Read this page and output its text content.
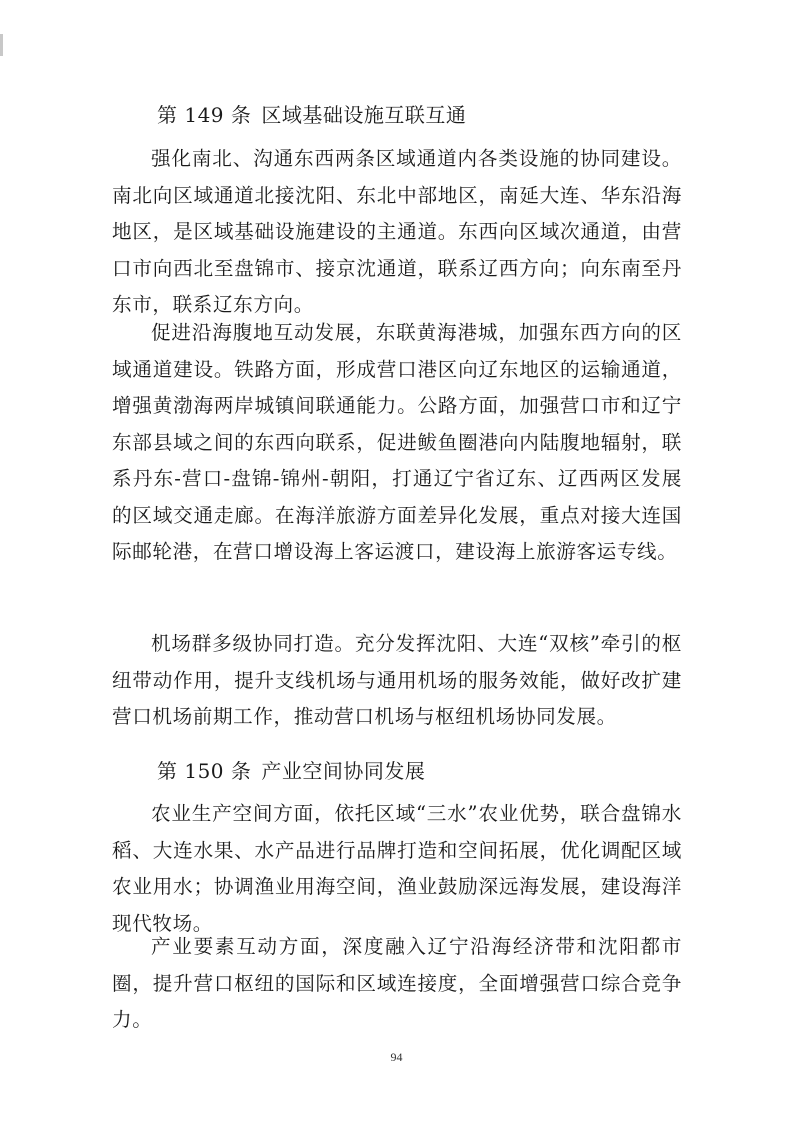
第 149 条 区域基础设施互联互通

强化南北、沟通东西两条区域通道内各类设施的协同建设。南北向区域通道北接沈阳、东北中部地区，南延大连、华东沿海地区，是区域基础设施建设的主通道。东西向区域次通道，由营口市向西北至盘锦市、接京沈通道，联系辽西方向；向东南至丹东市，联系辽东方向。

促进沿海腹地互动发展，东联黄海港城，加强东西方向的区域通道建设。铁路方面，形成营口港区向辽东地区的运输通道，增强黄渤海两岸城镇间联通能力。公路方面，加强营口市和辽宁东部县域之间的东西向联系，促进鲅鱼圈港向内陆腹地辐射，联系丹东-营口-盘锦-锦州-朝阳，打通辽宁省辽东、辽西两区发展的区域交通走廊。在海洋旅游方面差异化发展，重点对接大连国际邮轮港，在营口增设海上客运渡口，建设海上旅游客运专线。

机场群多级协同打造。充分发挥沈阳、大连“双核”牵引的枢纽带动作用，提升支线机场与通用机场的服务效能，做好改扩建营口机场前期工作，推动营口机场与枢纽机场协同发展。

第 150 条 产业空间协同发展

农业生产空间方面，依托区域“三水”农业优势，联合盘锦水稻、大连水果、水产品进行品牌打造和空间拓展，优化调配区域农业用水；协调渔业用海空间，渔业鼓励深远海发展，建设海洋现代牧场。

产业要素互动方面，深度融入辽宁沿海经济带和沈阳都市圈，提升营口枢纽的国际和区域连接度，全面增强营口综合竞争力。

94
